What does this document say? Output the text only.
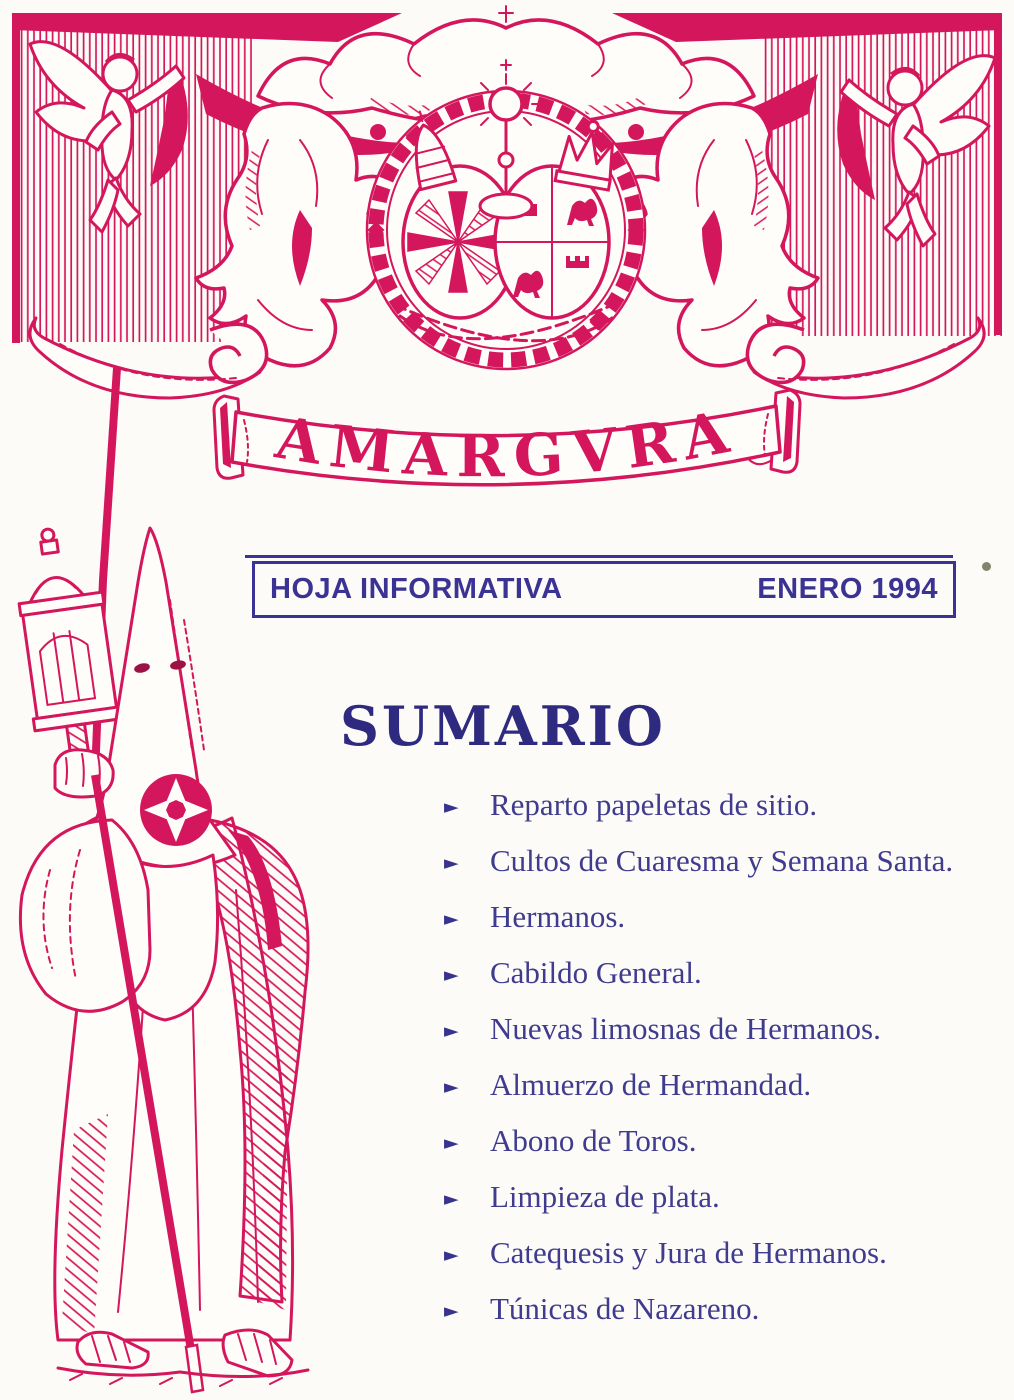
AMARGVRA
HOJA INFORMATIVA	ENERO 1994
SUMARIO
►	Reparto papeletas de sitio.
►	Cultos de Cuaresma y Semana Santa.
►	Hermanos.
►	Cabildo General.
►	Nuevas limosnas de Hermanos.
►	Almuerzo de Hermandad.
►	Abono de Toros.
►	Limpieza de plata.
►	Catequesis y Jura de Hermanos.
►	Túnicas de Nazareno.
